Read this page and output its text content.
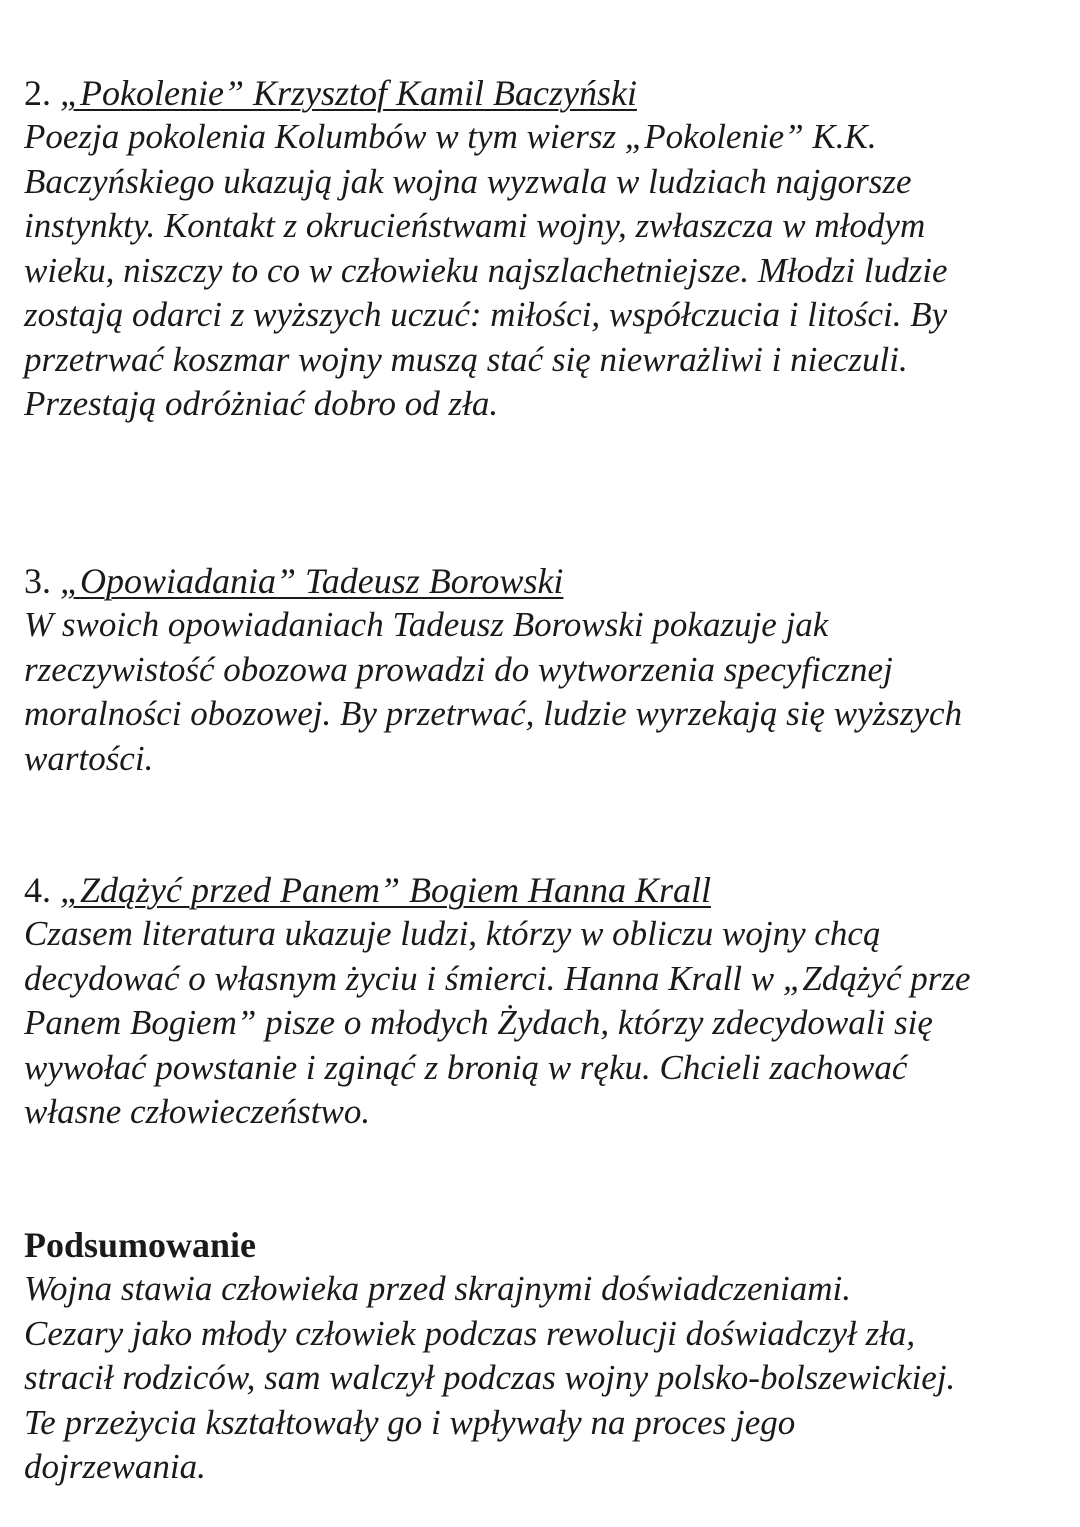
2. „Pokolenie” Krzysztof Kamil Baczyński

Poezja pokolenia Kolumbów w tym wiersz „Pokolenie” K.K.
Baczyńskiego ukazują jak wojna wyzwala w ludziach najgorsze
instynkty. Kontakt z okrucieństwami wojny, zwłaszcza w młodym
wieku, niszczy to co w człowieku najszlachetniejsze. Młodzi ludzie
zostają odarci z wyższych uczuć: miłości, współczucia i litości. By
przetrwać koszmar wojny muszą stać się niewrażliwi i nieczuli.
Przestają odróżniać dobro od zła.

3. „Opowiadania” Tadeusz Borowski

W swoich opowiadaniach Tadeusz Borowski pokazuje jak
rzeczywistość obozowa prowadzi do wytworzenia specyficznej
moralności obozowej. By przetrwać, ludzie wyrzekają się wyższych
wartości.

4. „Zdążyć przed Panem” Bogiem Hanna Krall

Czasem literatura ukazuje ludzi, którzy w obliczu wojny chcą
decydować o własnym życiu i śmierci. Hanna Krall w „Zdążyć prze
Panem Bogiem” pisze o młodych Żydach, którzy zdecydowali się
wywołać powstanie i zginąć z bronią w ręku. Chcieli zachować
własne człowieczeństwo.

Podsumowanie

Wojna stawia człowieka przed skrajnymi doświadczeniami.
Cezary jako młody człowiek podczas rewolucji doświadczył zła,
stracił rodziców, sam walczył podczas wojny polsko-bolszewickiej.
Te przeżycia kształtowały go i wpływały na proces jego
dojrzewania.
